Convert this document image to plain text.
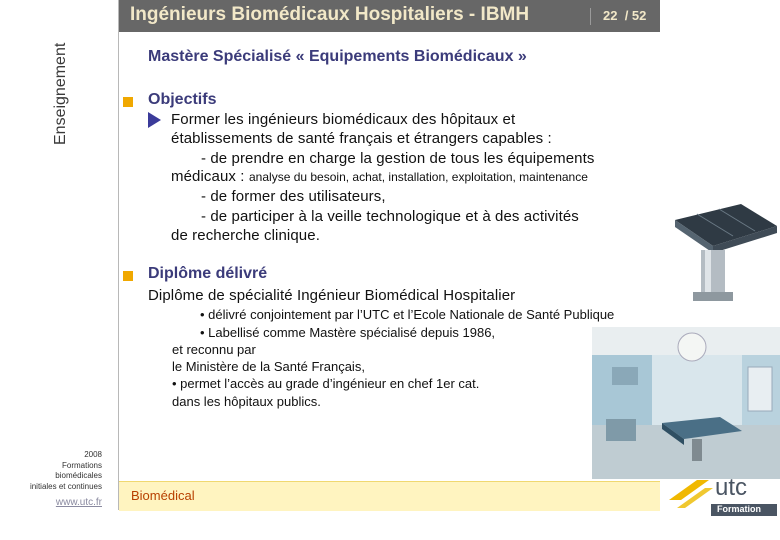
Enseignement
Ingénieurs Biomédicaux Hospitaliers - IBMH	22 / 52
Mastère Spécialisé « Equipements Biomédicaux »
Objectifs
Former les ingénieurs biomédicaux des hôpitaux et
établissements de santé français et étrangers capables :
- de prendre en charge la gestion de tous les équipements
médicaux : analyse du besoin, achat, installation, exploitation, maintenance
- de former des utilisateurs,
- de participer à la veille technologique et à des activités
de recherche clinique.
Diplôme délivré
Diplôme de spécialité Ingénieur Biomédical Hospitalier
• délivré conjointement par l’UTC et l’Ecole Nationale de Santé Publique
• Labellisé comme Mastère spécialisé depuis 1986,
et reconnu par
le Ministère de la Santé Français,
• permet l’accès au grade d’ingénieur en chef 1er cat.
dans les hôpitaux publics.
Biomédical
2008
Formations
biomédicales
initiales et continues
www.utc.fr
utc
Formation
